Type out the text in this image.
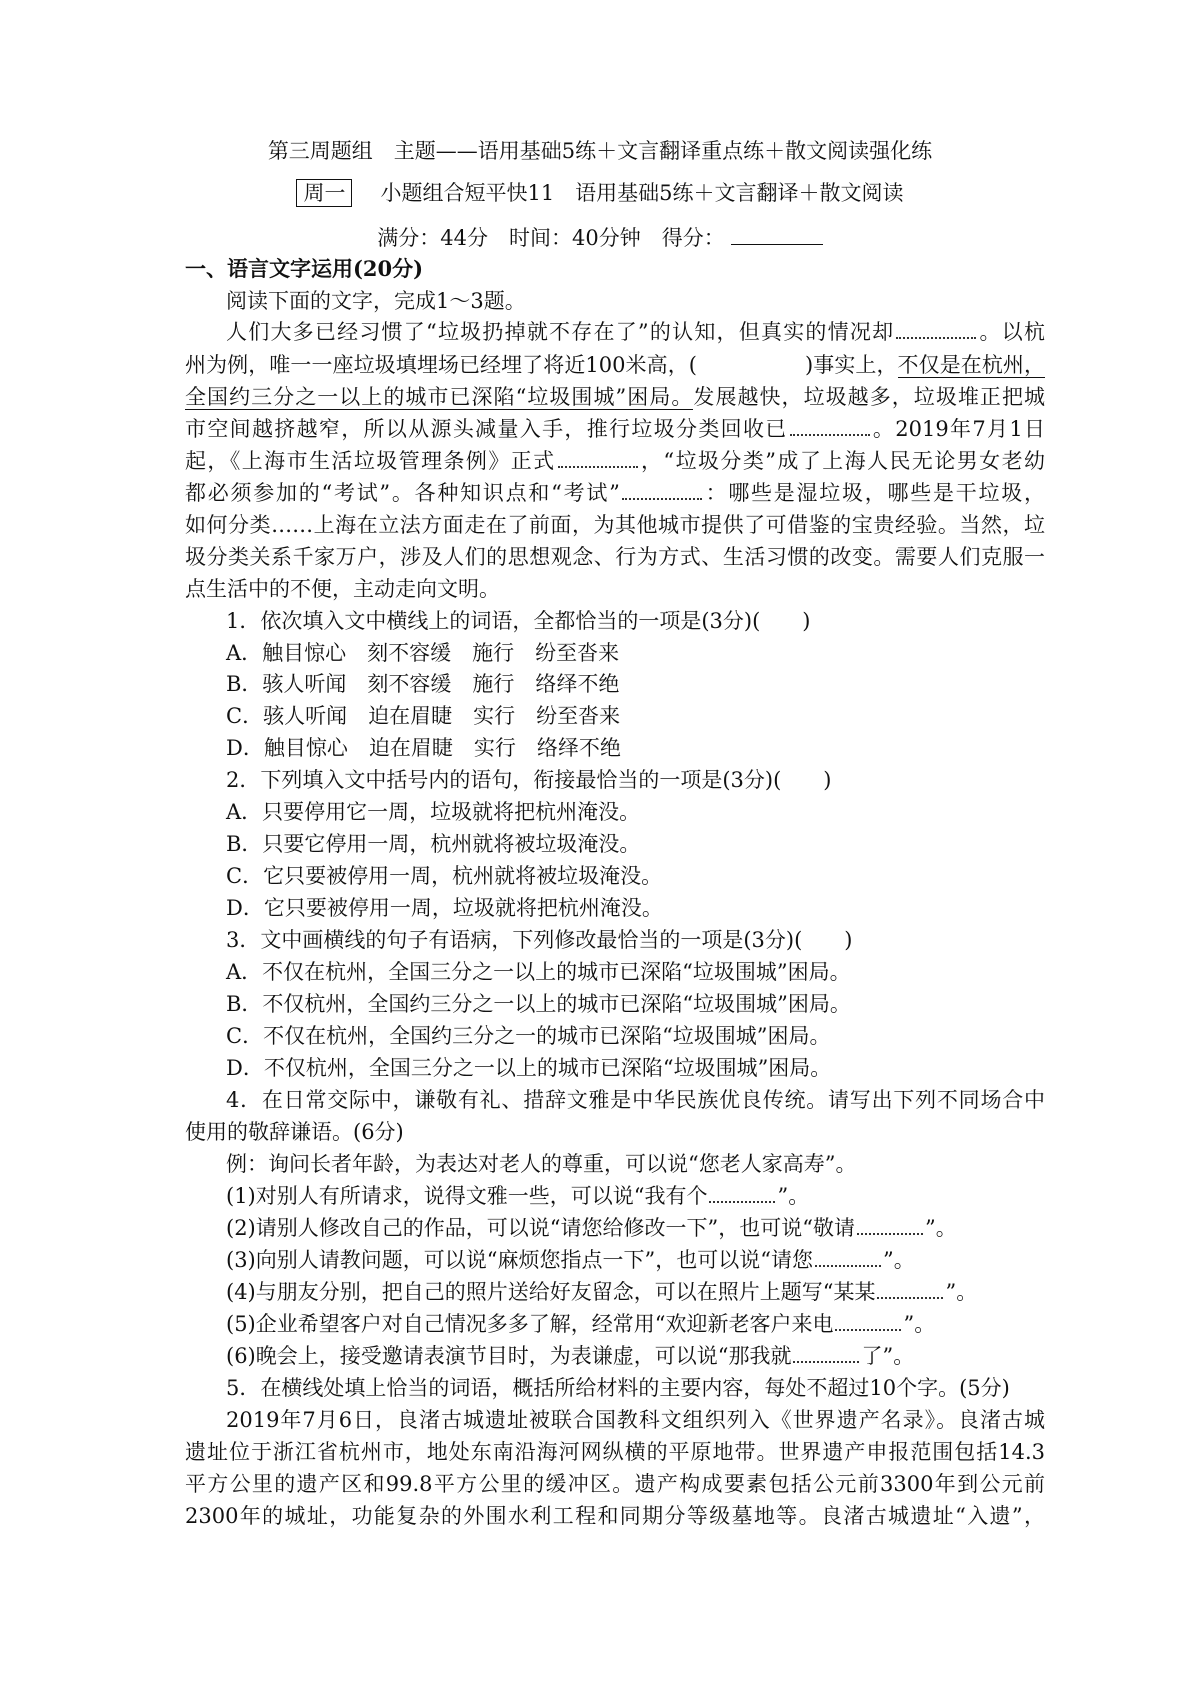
第三周题组　主题——语用基础5练＋文言翻译重点练＋散文阅读强化练
周一 小题组合短平快11　语用基础5练＋文言翻译＋散文阅读
满分：44分　时间：40分钟　得分：
一、语言文字运用(20分)
阅读下面的文字，完成1～3题。
人们大多已经习惯了“垃圾扔掉就不存在了”的认知，但真实的情况却	。以杭
州为例，唯一一座垃圾填埋场已经埋了将近100米高，(	)事实上，不仅是在杭州，
全国约三分之一以上的城市已深陷“垃圾围城”困局。发展越快，垃圾越多，垃圾堆正把城
市空间越挤越窄，所以从源头减量入手，推行垃圾分类回收已	。2019年7月1日
起，《上海市生活垃圾管理条例》正式	，“垃圾分类”成了上海人民无论男女老幼
都必须参加的“考试”。各种知识点和“考试”	：哪些是湿垃圾，哪些是干垃圾，
如何分类……上海在立法方面走在了前面，为其他城市提供了可借鉴的宝贵经验。当然，垃
圾分类关系千家万户，涉及人们的思想观念、行为方式、生活习惯的改变。需要人们克服一
点生活中的不便，主动走向文明。
1．依次填入文中横线上的词语，全都恰当的一项是(3分)(　　)
A．触目惊心　刻不容缓　施行　纷至沓来
B．骇人听闻　刻不容缓　施行　络绎不绝
C．骇人听闻　迫在眉睫　实行　纷至沓来
D．触目惊心　迫在眉睫　实行　络绎不绝
2．下列填入文中括号内的语句，衔接最恰当的一项是(3分)(　　)
A．只要停用它一周，垃圾就将把杭州淹没。
B．只要它停用一周，杭州就将被垃圾淹没。
C．它只要被停用一周，杭州就将被垃圾淹没。
D．它只要被停用一周，垃圾就将把杭州淹没。
3．文中画横线的句子有语病，下列修改最恰当的一项是(3分)(　　)
A．不仅在杭州，全国三分之一以上的城市已深陷“垃圾围城”困局。
B．不仅杭州，全国约三分之一以上的城市已深陷“垃圾围城”困局。
C．不仅在杭州，全国约三分之一的城市已深陷“垃圾围城”困局。
D．不仅杭州，全国三分之一以上的城市已深陷“垃圾围城”困局。
4．在日常交际中，谦敬有礼、措辞文雅是中华民族优良传统。请写出下列不同场合中
使用的敬辞谦语。(6分)
例：询问长者年龄，为表达对老人的尊重，可以说“您老人家高寿”。
(1)对别人有所请求，说得文雅一些，可以说“我有个	”。
(2)请别人修改自己的作品，可以说“请您给修改一下”，也可说“敬请	”。
(3)向别人请教问题，可以说“麻烦您指点一下”，也可以说“请您	”。
(4)与朋友分别，把自己的照片送给好友留念，可以在照片上题写“某某	”。
(5)企业希望客户对自己情况多多了解，经常用“欢迎新老客户来电	”。
(6)晚会上，接受邀请表演节目时，为表谦虚，可以说“那我就	了”。
5．在横线处填上恰当的词语，概括所给材料的主要内容，每处不超过10个字。(5分)
2019年7月6日，良渚古城遗址被联合国教科文组织列入《世界遗产名录》。良渚古城
遗址位于浙江省杭州市，地处东南沿海河网纵横的平原地带。世界遗产申报范围包括14.3
平方公里的遗产区和99.8平方公里的缓冲区。遗产构成要素包括公元前3300年到公元前
2300年的城址，功能复杂的外围水利工程和同期分等级墓地等。良渚古城遗址“入遗”，
